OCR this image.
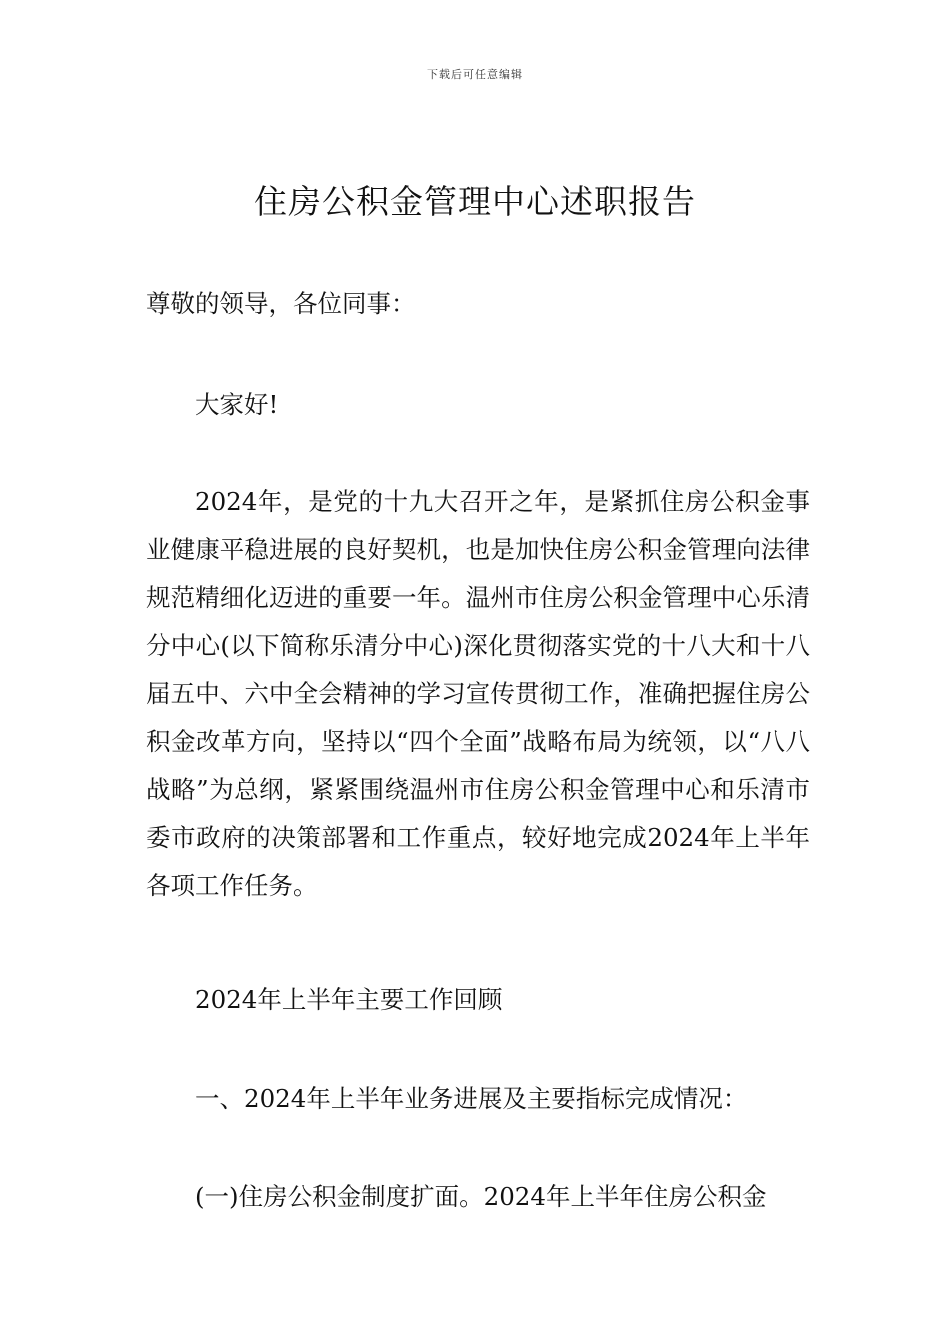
下载后可任意编辑
住房公积金管理中心述职报告

尊敬的领导，各位同事：

大家好!

2024年，是党的十九大召开之年，是紧抓住房公积金事业健康平稳进展的良好契机，也是加快住房公积金管理向法律规范精细化迈进的重要一年。温州市住房公积金管理中心乐清分中心(以下简称乐清分中心)深化贯彻落实党的十八大和十八届五中、六中全会精神的学习宣传贯彻工作，准确把握住房公积金改革方向，坚持以“四个全面”战略布局为统领，以“八八战略”为总纲，紧紧围绕温州市住房公积金管理中心和乐清市委市政府的决策部署和工作重点，较好地完成2024年上半年各项工作任务。

2024年上半年主要工作回顾

一、2024年上半年业务进展及主要指标完成情况：

(一)住房公积金制度扩面。2024年上半年住房公积金
